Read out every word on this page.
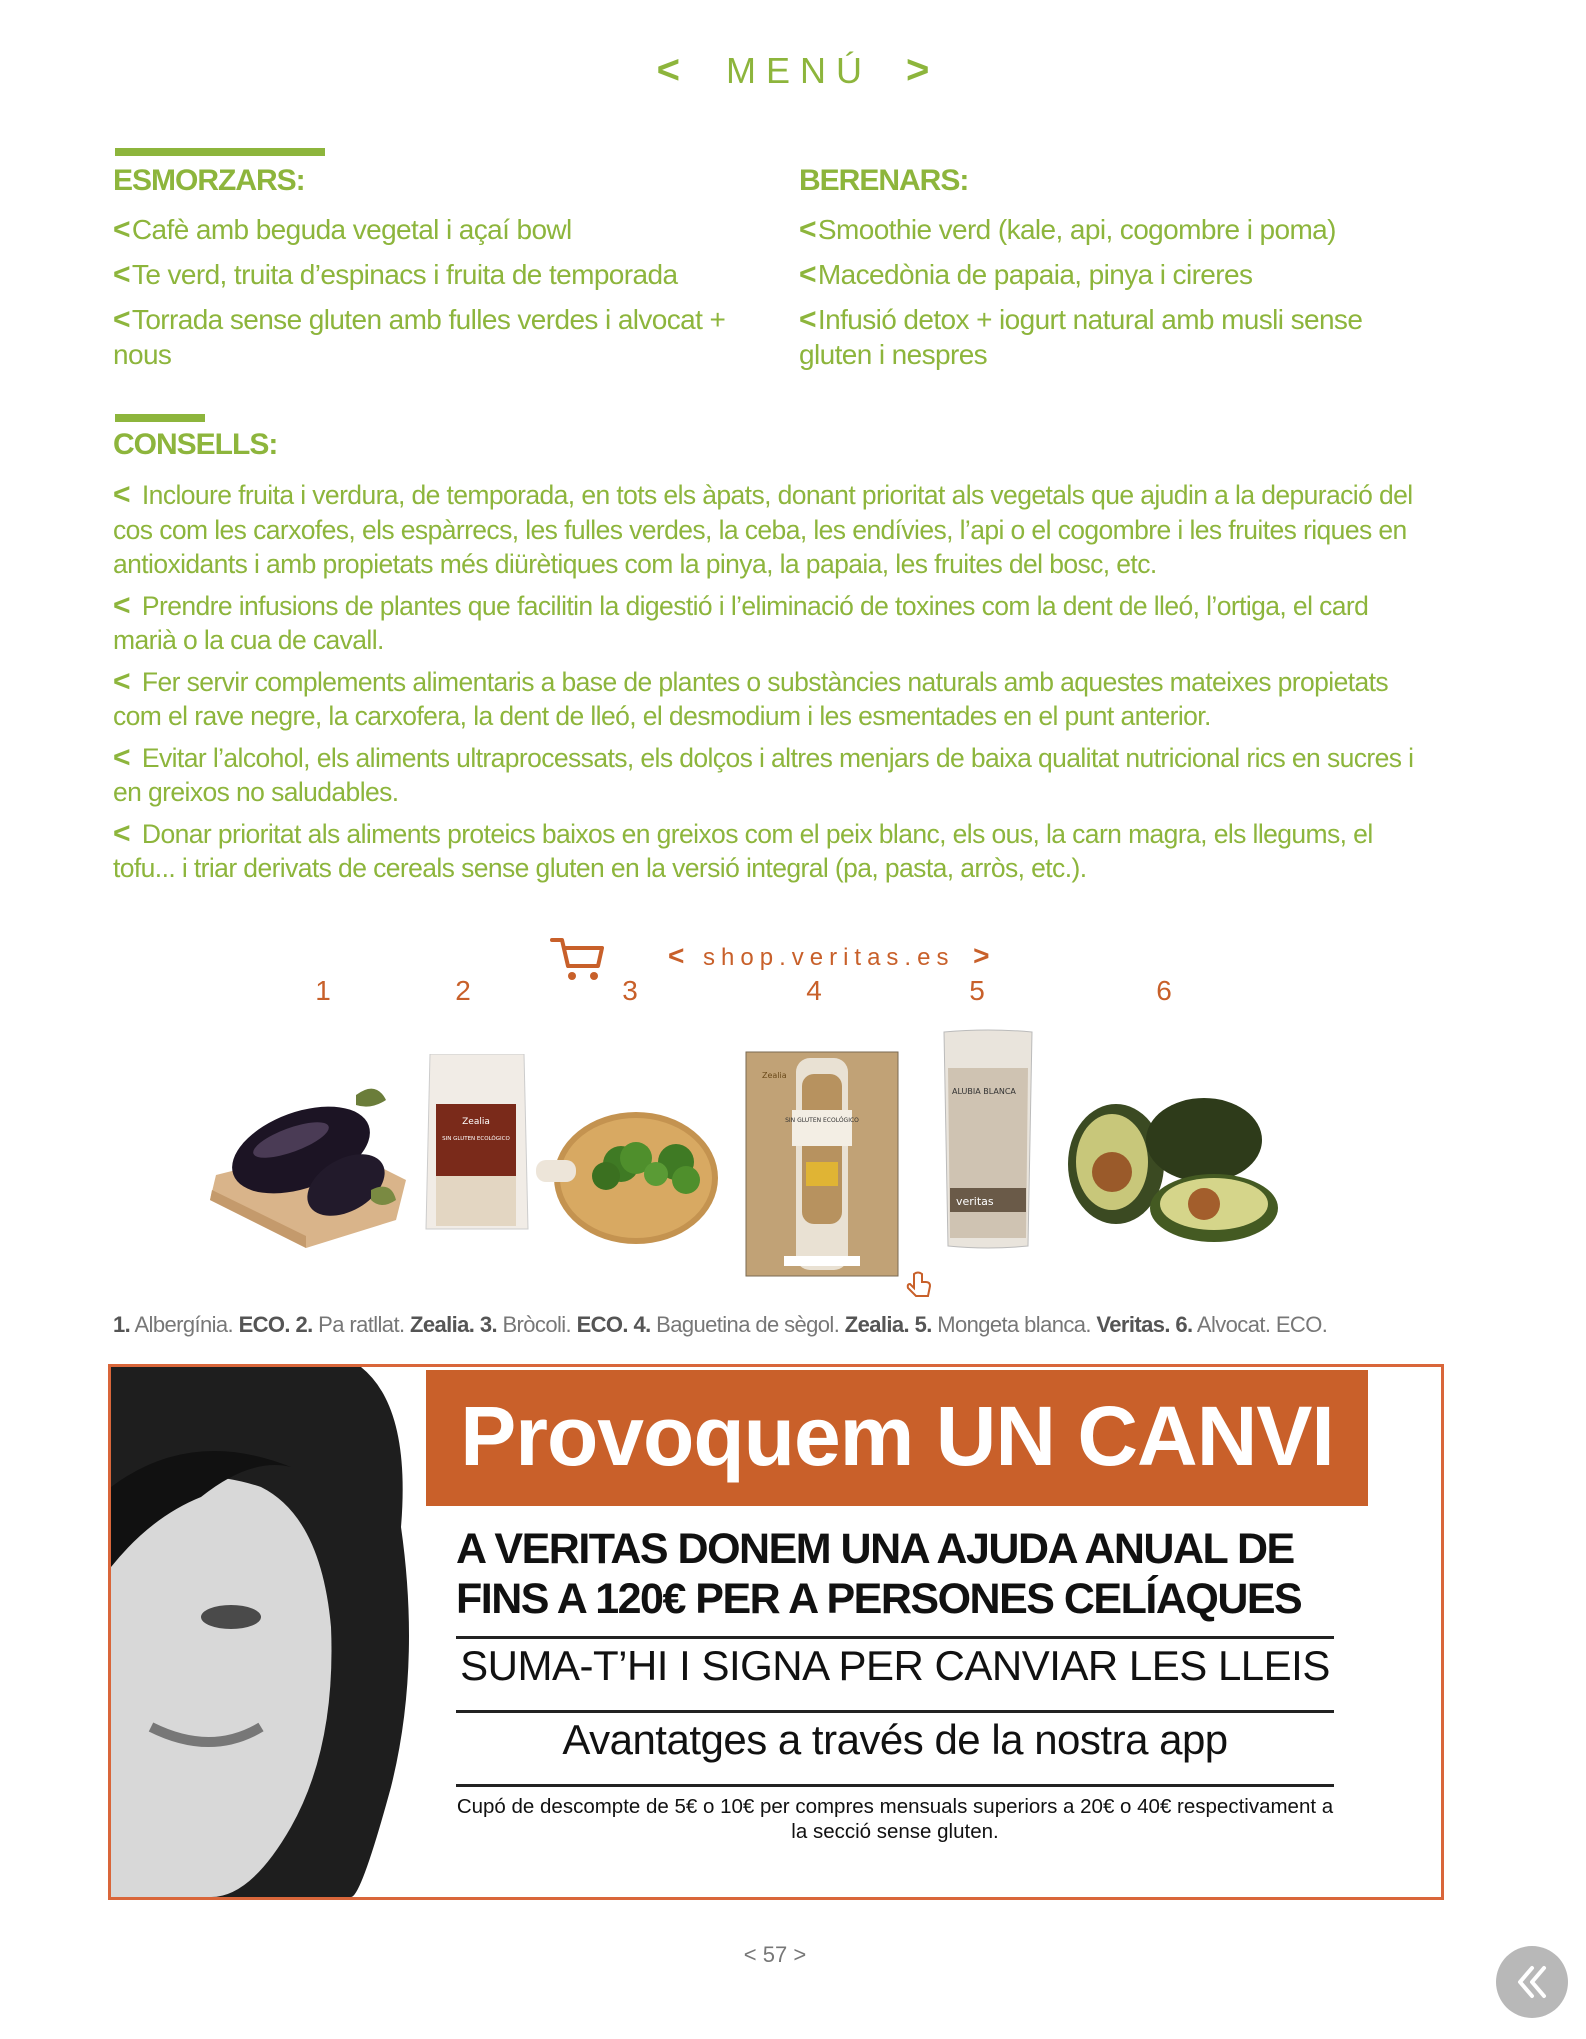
< MENÚ >
ESMORZARS:
<Cafè amb beguda vegetal i açaí bowl
<Te verd, truita d’espinacs i fruita de temporada
<Torrada sense gluten amb fulles verdes i alvocat + nous
BERENARS:
<Smoothie verd (kale, api, cogombre i poma)
<Macedònia de papaia, pinya i cireres
<Infusió detox + iogurt natural amb musli sense gluten i nespres
CONSELLS:
< Incloure fruita i verdura, de temporada, en tots els àpats, donant prioritat als vegetals que ajudin a la depuració del cos com les carxofes, els espàrrecs, les fulles verdes, la ceba, les endívies, l’api o el cogombre i les fruites riques en antioxidants i amb propietats més diürètiques com la pinya, la papaia, les fruites del bosc, etc.
< Prendre infusions de plantes que facilitin la digestió i l’eliminació de toxines com la dent de lleó, l’ortiga, el card marià o la cua de cavall.
< Fer servir complements alimentaris a base de plantes o substàncies naturals amb aquestes mateixes propietats com el rave negre, la carxofera, la dent de lleó, el desmodium i les esmentades en el punt anterior.
< Evitar l’alcohol, els aliments ultraprocessats, els dolços i altres menjars de baixa qualitat nutricional rics en sucres i en greixos no saludables.
< Donar prioritat als aliments proteics baixos en greixos com el peix blanc, els ous, la carn magra, els llegums, el tofu... i triar derivats de cereals sense gluten en la versió integral (pa, pasta, arròs, etc.).
< shop.veritas.es >
1	2	3	4	5	6
Zealia
SIN GLUTEN ECOLÓGICO
SIN GLUTEN ECOLÓGICO
Zealia
ALUBIA BLANCA
veritas
1. Albergínia. ECO. 2. Pa ratllat. Zealia. 3. Bròcoli. ECO. 4. Baguetina de sègol. Zealia. 5. Mongeta blanca. Veritas. 6. Alvocat. ECO.
Provoquem UN CANVI
A VERITAS DONEM UNA AJUDA ANUAL DE
FINS A 120€ PER A PERSONES CELÍAQUES
SUMA-T’HI I SIGNA PER CANVIAR LES LLEIS
Avantatges a través de la nostra app
Cupó de descompte de 5€ o 10€ per compres mensuals superiors a 20€ o 40€ respectivament a la secció sense gluten.
< 57 >
